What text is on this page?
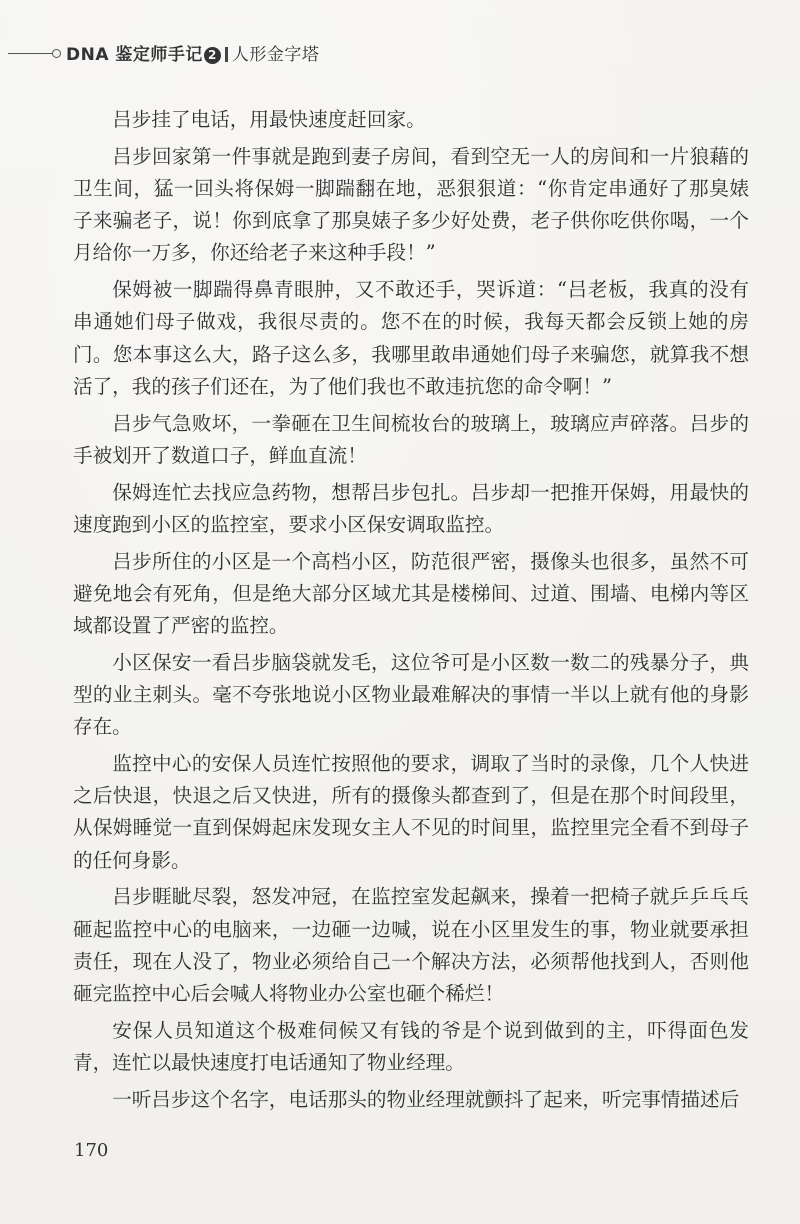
DNA 鉴定师手记 2 人形金字塔

吕步挂了电话，用最快速度赶回家。

吕步回家第一件事就是跑到妻子房间，看到空无一人的房间和一片狼藉的卫生间，猛一回头将保姆一脚踹翻在地，恶狠狠道：“你肯定串通好了那臭婊子来骗老子，说！你到底拿了那臭婊子多少好处费，老子供你吃供你喝，一个月给你一万多，你还给老子来这种手段！”

保姆被一脚踹得鼻青眼肿，又不敢还手，哭诉道：“吕老板，我真的没有串通她们母子做戏，我很尽责的。您不在的时候，我每天都会反锁上她的房门。您本事这么大，路子这么多，我哪里敢串通她们母子来骗您，就算我不想活了，我的孩子们还在，为了他们我也不敢违抗您的命令啊！”

吕步气急败坏，一拳砸在卫生间梳妆台的玻璃上，玻璃应声碎落。吕步的手被划开了数道口子，鲜血直流！

保姆连忙去找应急药物，想帮吕步包扎。吕步却一把推开保姆，用最快的速度跑到小区的监控室，要求小区保安调取监控。

吕步所住的小区是一个高档小区，防范很严密，摄像头也很多，虽然不可避免地会有死角，但是绝大部分区域尤其是楼梯间、过道、围墙、电梯内等区域都设置了严密的监控。

小区保安一看吕步脑袋就发毛，这位爷可是小区数一数二的残暴分子，典型的业主刺头。毫不夸张地说小区物业最难解决的事情一半以上就有他的身影存在。

监控中心的安保人员连忙按照他的要求，调取了当时的录像，几个人快进之后快退，快退之后又快进，所有的摄像头都查到了，但是在那个时间段里，从保姆睡觉一直到保姆起床发现女主人不见的时间里，监控里完全看不到母子的任何身影。

吕步睚眦尽裂，怒发冲冠，在监控室发起飙来，操着一把椅子就乒乒乓乓砸起监控中心的电脑来，一边砸一边喊，说在小区里发生的事，物业就要承担责任，现在人没了，物业必须给自己一个解决方法，必须帮他找到人，否则他砸完监控中心后会喊人将物业办公室也砸个稀烂！

安保人员知道这个极难伺候又有钱的爷是个说到做到的主，吓得面色发青，连忙以最快速度打电话通知了物业经理。

一听吕步这个名字，电话那头的物业经理就颤抖了起来，听完事情描述后

170
